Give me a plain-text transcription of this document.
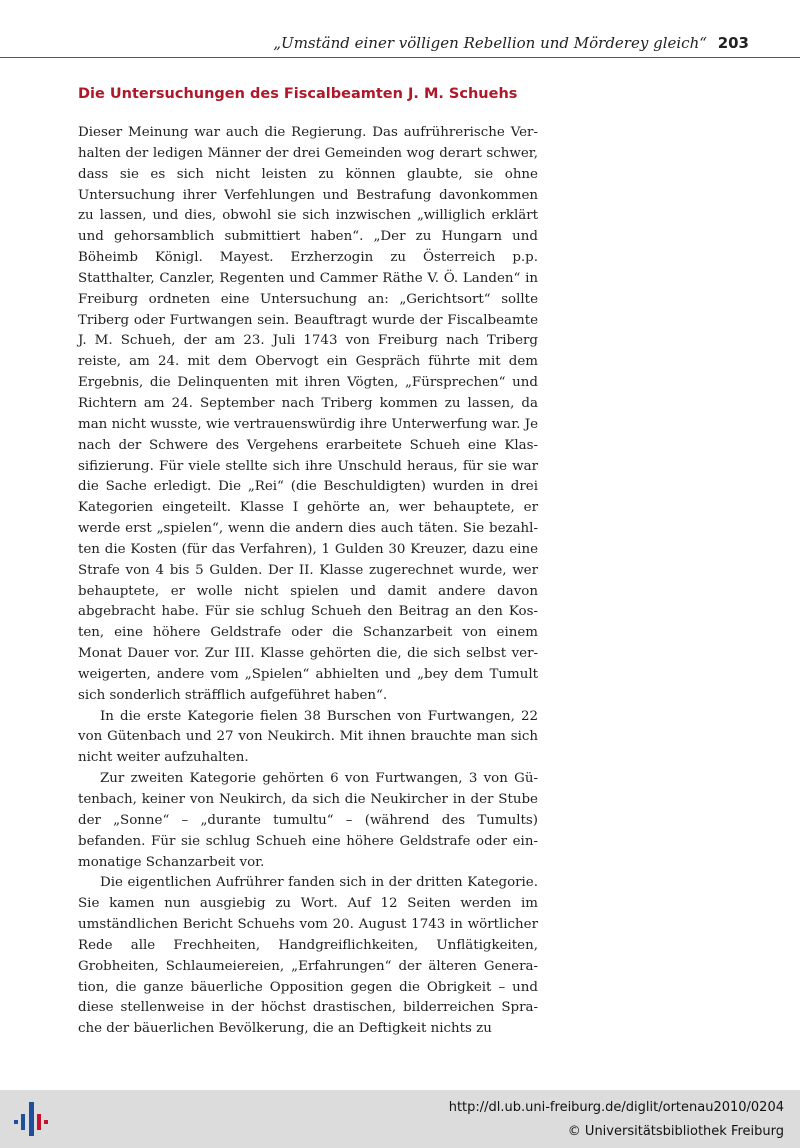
„Umständ einer völligen Rebellion und Mörderey gleich“ 203
Die Untersuchungen des Fiscalbeamten J. M. Schuehs

Dieser Meinung war auch die Regierung. Das aufrührerische Verhalten der ledigen Männer der drei Gemeinden wog derart schwer, dass sie es sich nicht leisten zu können glaubte, sie ohne Untersuchung ihrer Verfehlungen und Bestrafung davonkommen zu lassen, und dies, obwohl sie sich inzwischen „williglich erklärt und gehorsamblich submittiert haben“. „Der zu Hungarn und Böheimb Königl. Mayest. Erzherzogin zu Österreich p.p. Statthalter, Canzler, Regenten und Cammer Räthe V. Ö. Landen“ in Freiburg ordneten eine Untersuchung an: „Gerichtsort“ sollte Triberg oder Furtwangen sein. Beauftragt wurde der Fiscalbeamte J. M. Schueh, der am 23. Juli 1743 von Freiburg nach Triberg reiste, am 24. mit dem Obervogt ein Gespräch führte mit dem Ergebnis, die Delinquenten mit ihren Vögten, „Fürsprechen“ und Richtern am 24. September nach Triberg kommen zu lassen, da man nicht wusste, wie vertrauenswürdig ihre Unterwerfung war. Je nach der Schwere des Vergehens erarbeitete Schueh eine Klassifizierung. Für viele stellte sich ihre Unschuld heraus, für sie war die Sache erledigt. Die „Rei“ (die Beschuldigten) wurden in drei Kategorien eingeteilt. Klasse I gehörte an, wer behauptete, er werde erst „spielen“, wenn die andern dies auch täten. Sie bezahlten die Kosten (für das Verfahren), 1 Gulden 30 Kreuzer, dazu eine Strafe von 4 bis 5 Gulden. Der II. Klasse zugerechnet wurde, wer behauptete, er wolle nicht spielen und damit andere davon abgebracht habe. Für sie schlug Schueh den Beitrag an den Kosten, eine höhere Geldstrafe oder die Schanzarbeit von einem Monat Dauer vor. Zur III. Klasse gehörten die, die sich selbst verweigerten, andere vom „Spielen“ abhielten und „bey dem Tumult sich sonderlich sträfflich aufgeführet haben“.

In die erste Kategorie fielen 38 Burschen von Furtwangen, 22 von Gütenbach und 27 von Neukirch. Mit ihnen brauchte man sich nicht weiter aufzuhalten.

Zur zweiten Kategorie gehörten 6 von Furtwangen, 3 von Gütenbach, keiner von Neukirch, da sich die Neukircher in der Stube der „Sonne“ – „durante tumultu“ – (während des Tumults) befanden. Für sie schlug Schueh eine höhere Geldstrafe oder einmonatige Schanzarbeit vor.

Die eigentlichen Aufrührer fanden sich in der dritten Kategorie. Sie kamen nun ausgiebig zu Wort. Auf 12 Seiten werden im umständlichen Bericht Schuehs vom 20. August 1743 in wörtlicher Rede alle Frechheiten, Handgreiflichkeiten, Unflätigkeiten, Grobheiten, Schlaumeiereien, „Erfahrungen“ der älteren Generation, die ganze bäuerliche Opposition gegen die Obrigkeit – und diese stellenweise in der höchst drastischen, bilderreichen Sprache der bäuerlichen Bevölkerung, die an Deftigkeit nichts zu

http://dl.ub.uni-freiburg.de/diglit/ortenau2010/0204
© Universitätsbibliothek Freiburg
